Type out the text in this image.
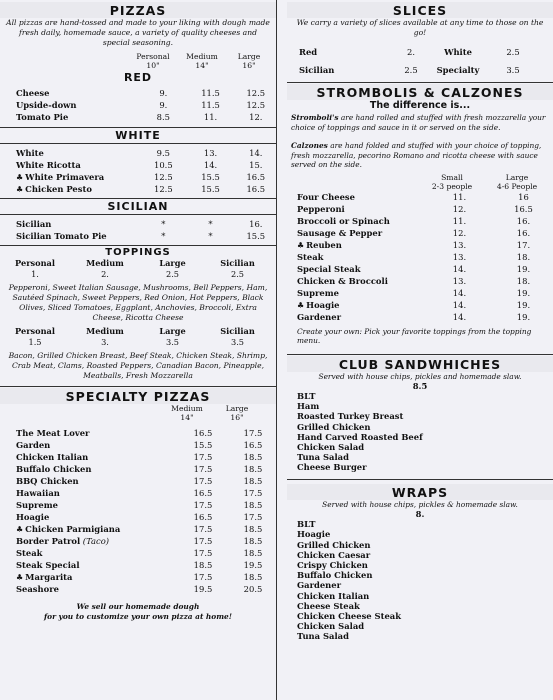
PIZZAS
All pizzas are hand-tossed and made to your liking with dough made fresh daily, homemade sauce, a variety of quality cheeses and special seasoning.
Personal
10"
Medium
14"
Large
16"
RED
Cheese	9.	11.5	12.5
Upside-down	9.	11.5	12.5
Tomato Pie	8.5	11.	12.
WHITE
White	9.5	13.	14.
White Ricotta	10.5	14.	15.
♣ White Primavera	12.5	15.5	16.5
♣ Chicken Pesto	12.5	15.5	16.5
SICILIAN
Sicilian	*	*	16.
Sicilian Tomato Pie	*	*	15.5
TOPPINGS
Personal	Medium	Large	Sicilian
1.	2.	2.5	2.5
Pepperoni, Sweet Italian Sausage, Mushrooms, Bell Peppers, Ham, Sautéed Spinach, Sweet Peppers, Red Onion, Hot Peppers, Black Olives, Sliced Tomatoes, Eggplant, Anchovies, Broccoli, Extra Cheese, Ricotta Cheese
Personal	Medium	Large	Sicilian
1.5	3.	3.5	3.5
Bacon, Grilled Chicken Breast, Beef Steak, Chicken Steak, Shrimp, Crab Meat, Clams, Roasted Peppers, Canadian Bacon, Pineapple, Meatballs, Fresh Mozzarella
SPECIALTY PIZZAS
Medium
14"
Large
16"
The Meat Lover	16.5	17.5
Garden	15.5	16.5
Chicken Italian	17.5	18.5
Buffalo Chicken	17.5	18.5
BBQ Chicken	17.5	18.5
Hawaiian	16.5	17.5
Supreme	17.5	18.5
Hoagie	16.5	17.5
♣ Chicken Parmigiana	17.5	18.5
Border Patrol (Taco)	17.5	18.5
Steak	17.5	18.5
Steak Special	18.5	19.5
♣ Margarita	17.5	18.5
Seashore	19.5	20.5
We sell our homemade dough
for you to customize your own pizza at home!
SLICES
We carry a variety of slices available at any time to those on the go!
Red	2.	White	2.5
Sicilian	2.5	Specialty	3.5
STROMBOLIS & CALZONES
The difference is...
Stromboli's are hand rolled and stuffed with fresh mozzarella your choice of toppings and sauce in it or served on the side.
Calzones are hand folded and stuffed with your choice of topping, fresh mozzarella, pecorino Romano and ricotta cheese with sauce served on the side.
Small
2-3 people
Large
4-6 People
Four Cheese	11.	16
Pepperoni	12.	16.5
Broccoli or Spinach	11.	16.
Sausage & Pepper	12.	16.
♣ Reuben	13.	17.
Steak	13.	18.
Special Steak	14.	19.
Chicken & Broccoli	13.	18.
Supreme	14.	19.
♣ Hoagie	14.	19.
Gardener	14.	19.
Create your own: Pick your favorite toppings from the topping menu.
CLUB SANDWHICHES
Served with house chips, pickles and homemade slaw.
8.5
BLT
Ham
Roasted Turkey Breast
Grilled Chicken
Hand Carved Roasted Beef
Chicken Salad
Tuna Salad
Cheese Burger
WRAPS
Served with house chips, pickles & homemade slaw.
8.
BLT
Hoagie
Grilled Chicken
Chicken Caesar
Crispy Chicken
Buffalo Chicken
Gardener
Chicken Italian
Cheese Steak
Chicken Cheese Steak
Chicken Salad
Tuna Salad
